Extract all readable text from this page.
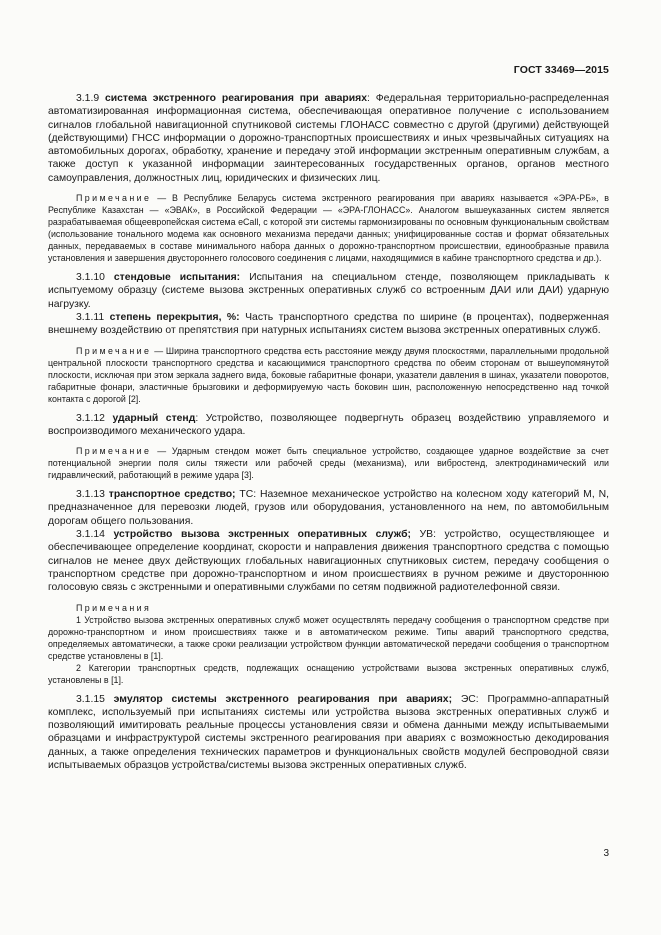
ГОСТ 33469—2015

3.1.9 система экстренного реагирования при авариях: Федеральная территориально-распределенная автоматизированная информационная система, обеспечивающая оперативное получение с использованием сигналов глобальной навигационной спутниковой системы ГЛОНАСС совместно с другой (другими) действующей (действующими) ГНСС информации о дорожно-транспортных происшествиях и иных чрезвычайных ситуациях на автомобильных дорогах, обработку, хранение и передачу этой информации экстренным оперативным службам, а также доступ к указанной информации заинтересованных государственных органов, органов местного самоуправления, должностных лиц, юридических и физических лиц.

Примечание — В Республике Беларусь система экстренного реагирования при авариях называется «ЭРА-РБ», в Республике Казахстан — «ЭВАК», в Российской Федерации — «ЭРА-ГЛОНАСС». Аналогом вышеуказанных систем является разрабатываемая общеевропейская система eCall, с которой эти системы гармонизированы по основным функциональным свойствам (использование тонального модема как основного механизма передачи данных; унифицированные состав и формат обязательных данных, передаваемых в составе минимального набора данных о дорожно-транспортном происшествии, единообразные правила установления и завершения двустороннего голосового соединения с лицами, находящимися в кабине транспортного средства и др.).

3.1.10 стендовые испытания: Испытания на специальном стенде, позволяющем прикладывать к испытуемому образцу (системе вызова экстренных оперативных служб со встроенным ДАИ или ДАИ) ударную нагрузку.

3.1.11 степень перекрытия, %: Часть транспортного средства по ширине (в процентах), подверженная внешнему воздействию от препятствия при натурных испытаниях систем вызова экстренных оперативных служб.

Примечание — Ширина транспортного средства есть расстояние между двумя плоскостями, параллельными продольной центральной плоскости транспортного средства и касающимися транспортного средства по обеим сторонам от вышеупомянутой плоскости, исключая при этом зеркала заднего вида, боковые габаритные фонари, указатели давления в шинах, указатели поворотов, габаритные фонари, эластичные брызговики и деформируемую часть боковин шин, расположенную непосредственно над точкой контакта с дорогой [2].

3.1.12 ударный стенд: Устройство, позволяющее подвергнуть образец воздействию управляемого и воспроизводимого механического удара.

Примечание — Ударным стендом может быть специальное устройство, создающее ударное воздействие за счет потенциальной энергии поля силы тяжести или рабочей среды (механизма), или вибростенд, электродинамический или гидравлический, работающий в режиме удара [3].

3.1.13 транспортное средство; ТС: Наземное механическое устройство на колесном ходу категорий M, N, предназначенное для перевозки людей, грузов или оборудования, установленного на нем, по автомобильным дорогам общего пользования.

3.1.14 устройство вызова экстренных оперативных служб; УВ: устройство, осуществляющее и обеспечивающее определение координат, скорости и направления движения транспортного средства с помощью сигналов не менее двух действующих глобальных навигационных спутниковых систем, передачу сообщения о транспортном средстве при дорожно-транспортном и ином происшествиях в ручном режиме и двустороннюю голосовую связь с экстренными и оперативными службами по сетям подвижной радиотелефонной связи.

Примечания

1 Устройство вызова экстренных оперативных служб может осуществлять передачу сообщения о транспортном средстве при дорожно-транспортном и ином происшествиях также и в автоматическом режиме. Типы аварий транспортного средства, определяемых автоматически, а также сроки реализации устройством функции автоматической передачи сообщения о транспортном средстве установлены в [1].

2 Категории транспортных средств, подлежащих оснащению устройствами вызова экстренных оперативных служб, установлены в [1].

3.1.15 эмулятор системы экстренного реагирования при авариях; ЭС: Программно-аппаратный комплекс, используемый при испытаниях системы или устройства вызова экстренных оперативных служб и позволяющий имитировать реальные процессы установления связи и обмена данными между испытываемыми образцами и инфраструктурой системы экстренного реагирования при авариях с возможностью декодирования данных, а также определения технических параметров и функциональных свойств модулей беспроводной связи испытываемых образцов устройства/системы вызова экстренных оперативных служб.

3
